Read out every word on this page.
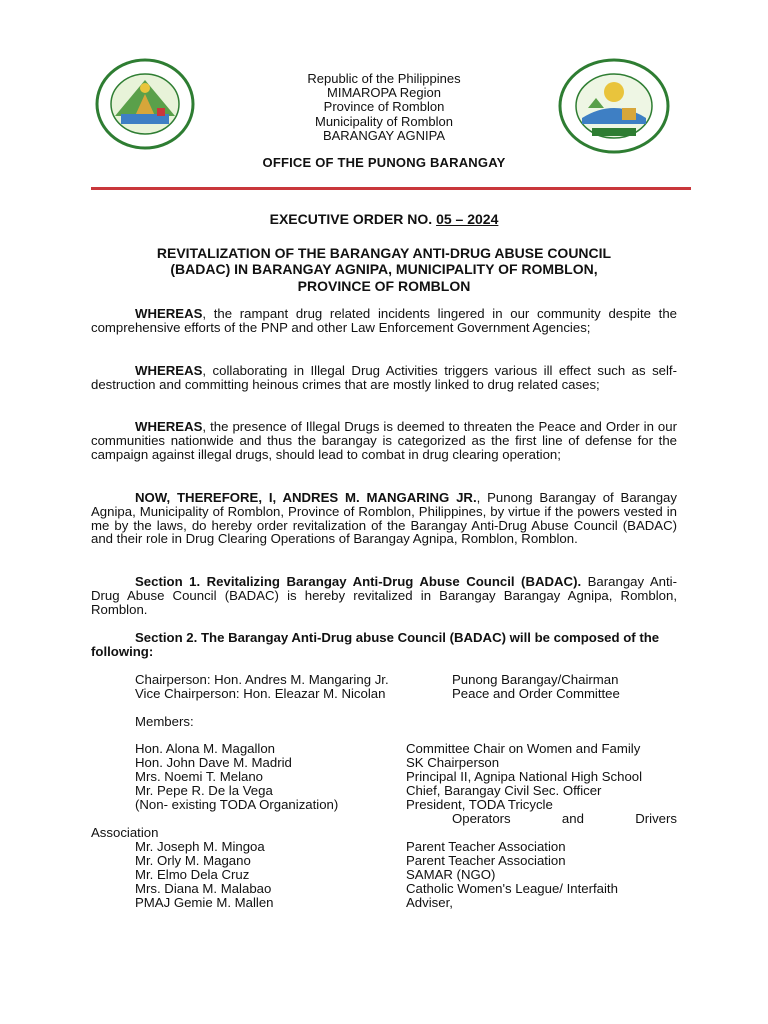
Republic of the Philippines
MIMAROPA Region
Province of Romblon
Municipality of Romblon
BARANGAY AGNIPA
OFFICE OF THE PUNONG BARANGAY
EXECUTIVE ORDER NO. 05 – 2024
REVITALIZATION OF THE BARANGAY ANTI-DRUG ABUSE COUNCIL
(BADAC) IN BARANGAY AGNIPA, MUNICIPALITY OF ROMBLON,
PROVINCE OF ROMBLON
WHEREAS, the rampant drug related incidents lingered in our community despite the comprehensive efforts of the PNP and other Law Enforcement Government Agencies;
WHEREAS, collaborating in Illegal Drug Activities triggers various ill effect such as self-destruction and committing heinous crimes that are mostly linked to drug related cases;
WHEREAS, the presence of Illegal Drugs is deemed to threaten the Peace and Order in our communities nationwide and thus the barangay is categorized as the first line of defense for the campaign against illegal drugs, should lead to combat in drug clearing operation;
NOW, THEREFORE, I, ANDRES M. MANGARING JR., Punong Barangay of Barangay Agnipa, Municipality of Romblon, Province of Romblon, Philippines, by virtue if the powers vested in me by the laws, do hereby order revitalization of the Barangay Anti-Drug Abuse Council (BADAC) and their role in Drug Clearing Operations of Barangay Agnipa, Romblon, Romblon.
Section 1. Revitalizing Barangay Anti-Drug Abuse Council (BADAC). Barangay Anti-Drug Abuse Council (BADAC) is hereby revitalized in Barangay Barangay Agnipa, Romblon, Romblon.
Section 2. The Barangay Anti-Drug abuse Council (BADAC) will be composed of the following:
Chairperson: Hon. Andres M. Mangaring Jr.	Punong Barangay/Chairman
Vice Chairperson: Hon. Eleazar M. Nicolan	Peace and Order Committee
Members:
Hon. Alona M. Magallon	Committee Chair on Women and Family
Hon. John Dave M. Madrid	SK Chairperson
Mrs. Noemi T. Melano	Principal II, Agnipa National High School
Mr. Pepe R. De la Vega	Chief, Barangay Civil Sec. Officer
(Non- existing TODA Organization)	President, TODA Tricycle
Operators and Drivers
Association
Mr. Joseph M. Mingoa	Parent Teacher Association
Mr. Orly M. Magano	Parent Teacher Association
Mr. Elmo Dela Cruz	SAMAR (NGO)
Mrs. Diana M. Malabao	Catholic Women's League/ Interfaith
PMAJ Gemie M. Mallen	Adviser,
